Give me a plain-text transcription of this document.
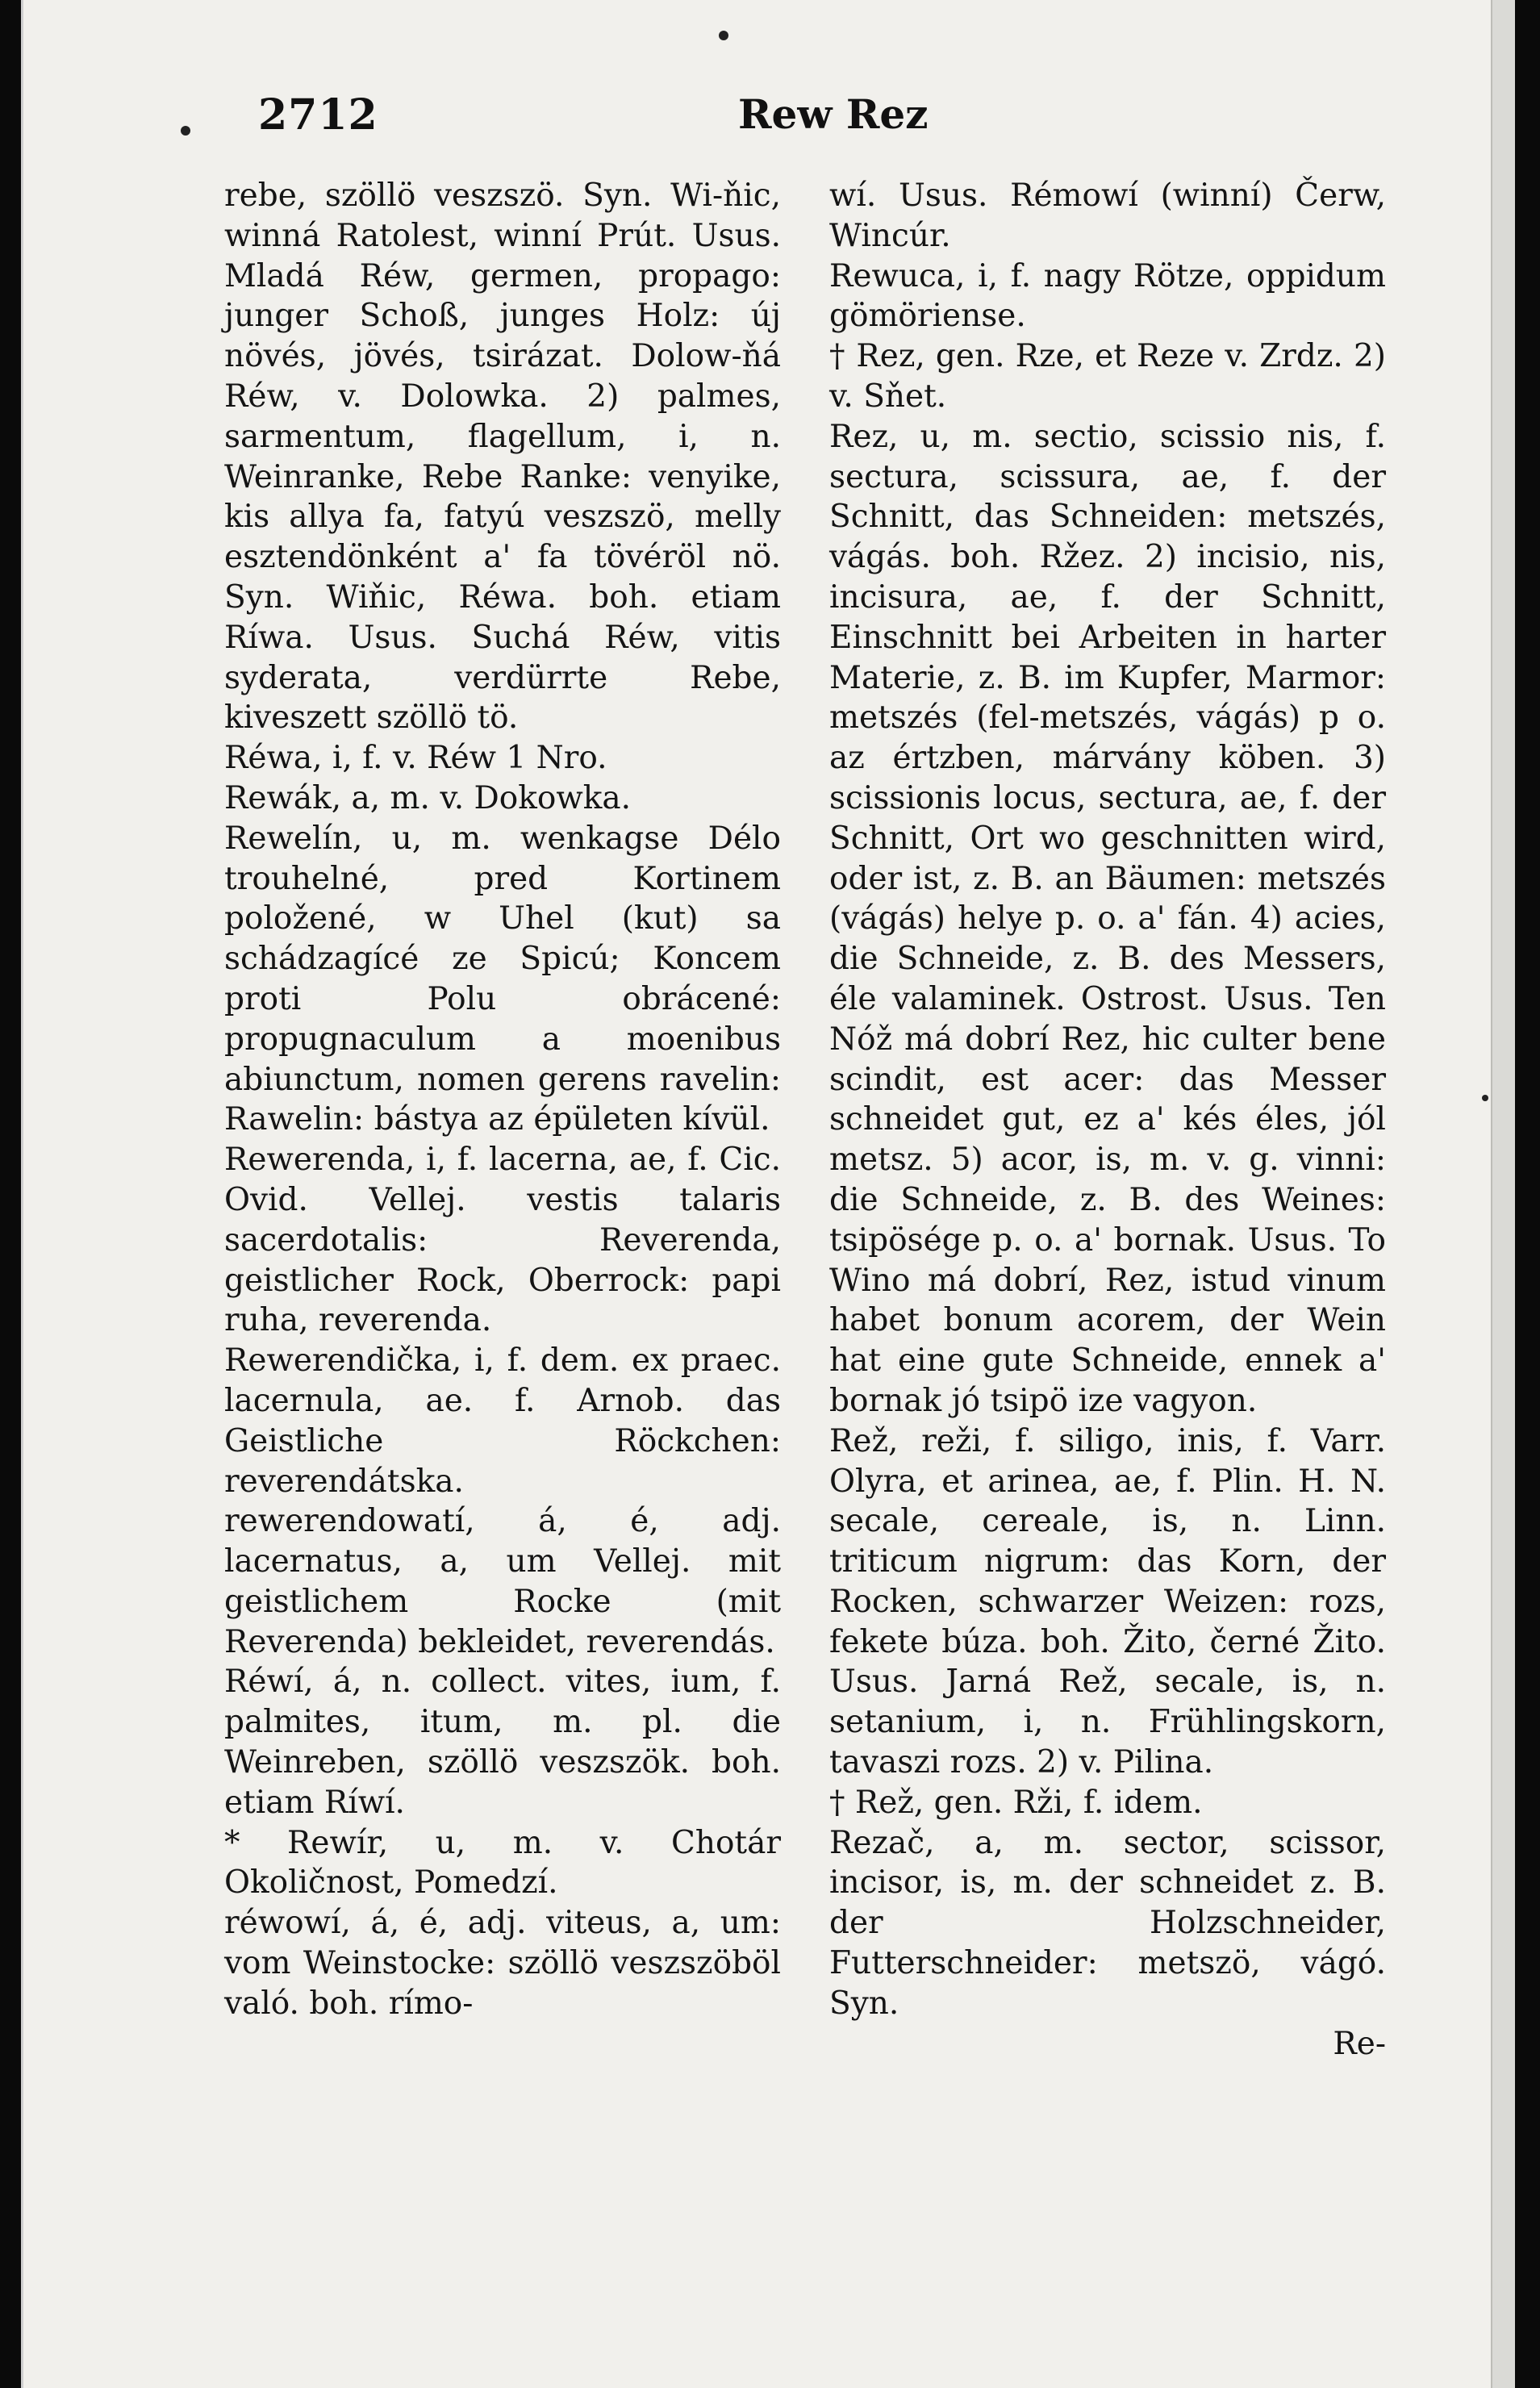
2712	Rew Rez

rebe, szöllö veszszö. Syn. Wi-ňic, winná Ratolest, winní Prút. Usus. Mladá Réw, germen, propago: junger Schoß, junges Holz: új növés, jövés, tsirázat. Dolow-ňá Réw, v. Dolowka. 2) palmes, sarmentum, flagellum, i, n. Weinranke, Rebe Ranke: venyike, kis allya fa, fatyú veszszö, melly esztendönként a' fa tövéröl nö. Syn. Wiňic, Réwa. boh. etiam Ríwa. Usus. Suchá Réw, vitis syderata, verdürrte Rebe, kiveszett szöllö tö.

Réwa, i, f. v. Réw 1 Nro.

Rewák, a, m. v. Dokowka.

Rewelín, u, m. wenkagse Délo trouhelné, pred Kortinem položené, w Uhel (kut) sa schádzagícé ze Spicú; Koncem proti Polu obrácené: propugnaculum a moenibus abiunctum, nomen gerens ravelin: Rawelin: bástya az épületen kívül.

Rewerenda, i, f. lacerna, ae, f. Cic. Ovid. Vellej. vestis talaris sacerdotalis: Reverenda, geistlicher Rock, Oberrock: papi ruha, reverenda.

Rewerendička, i, f. dem. ex praec. lacernula, ae. f. Arnob. das Geistliche Röckchen: reverendátska.

rewerendowatí, á, é, adj. lacernatus, a, um Vellej. mit geistlichem Rocke (mit Reverenda) bekleidet, reverendás.

Réwí, á, n. collect. vites, ium, f. palmites, itum, m. pl. die Weinreben, szöllö veszszök. boh. etiam Ríwí.

* Rewír, u, m. v. Chotár Okoličnost, Pomedzí.

réwowí, á, é, adj. viteus, a, um: vom Weinstocke: szöllö veszszöböl való. boh. rímo-

wí. Usus. Rémowí (winní) Čerw, Wincúr.

Rewuca, i, f. nagy Rötze, oppidum gömöriense.

† Rez, gen. Rze, et Reze v. Zrdz. 2) v. Sňet.

Rez, u, m. sectio, scissio nis, f. sectura, scissura, ae, f. der Schnitt, das Schneiden: metszés, vágás. boh. Ržez. 2) incisio, nis, incisura, ae, f. der Schnitt, Einschnitt bei Arbeiten in harter Materie, z. B. im Kupfer, Marmor: metszés (fel-metszés, vágás) p o. az értzben, márvány köben. 3) scissionis locus, sectura, ae, f. der Schnitt, Ort wo geschnitten wird, oder ist, z. B. an Bäumen: metszés (vágás) helye p. o. a' fán. 4) acies, die Schneide, z. B. des Messers, éle valaminek. Ostrost. Usus. Ten Nóž má dobrí Rez, hic culter bene scindit, est acer: das Messer schneidet gut, ez a' kés éles, jól metsz. 5) acor, is, m. v. g. vinni: die Schneide, z. B. des Weines: tsipösége p. o. a' bornak. Usus. To Wino má dobrí, Rez, istud vinum habet bonum acorem, der Wein hat eine gute Schneide, ennek a' bornak jó tsipö ize vagyon.

Rež, reži, f. siligo, inis, f. Varr. Olyra, et arinea, ae, f. Plin. H. N. secale, cereale, is, n. Linn. triticum nigrum: das Korn, der Rocken, schwarzer Weizen: rozs, fekete búza. boh. Žito, černé Žito. Usus. Jarná Rež, secale, is, n. setanium, i, n. Frühlingskorn, tavaszi rozs. 2) v. Pilina.

† Rež, gen. Rži, f. idem.

Rezač, a, m. sector, scissor, incisor, is, m. der schneidet z. B. der Holzschneider, Futterschneider: metszö, vágó. Syn.

Re-
